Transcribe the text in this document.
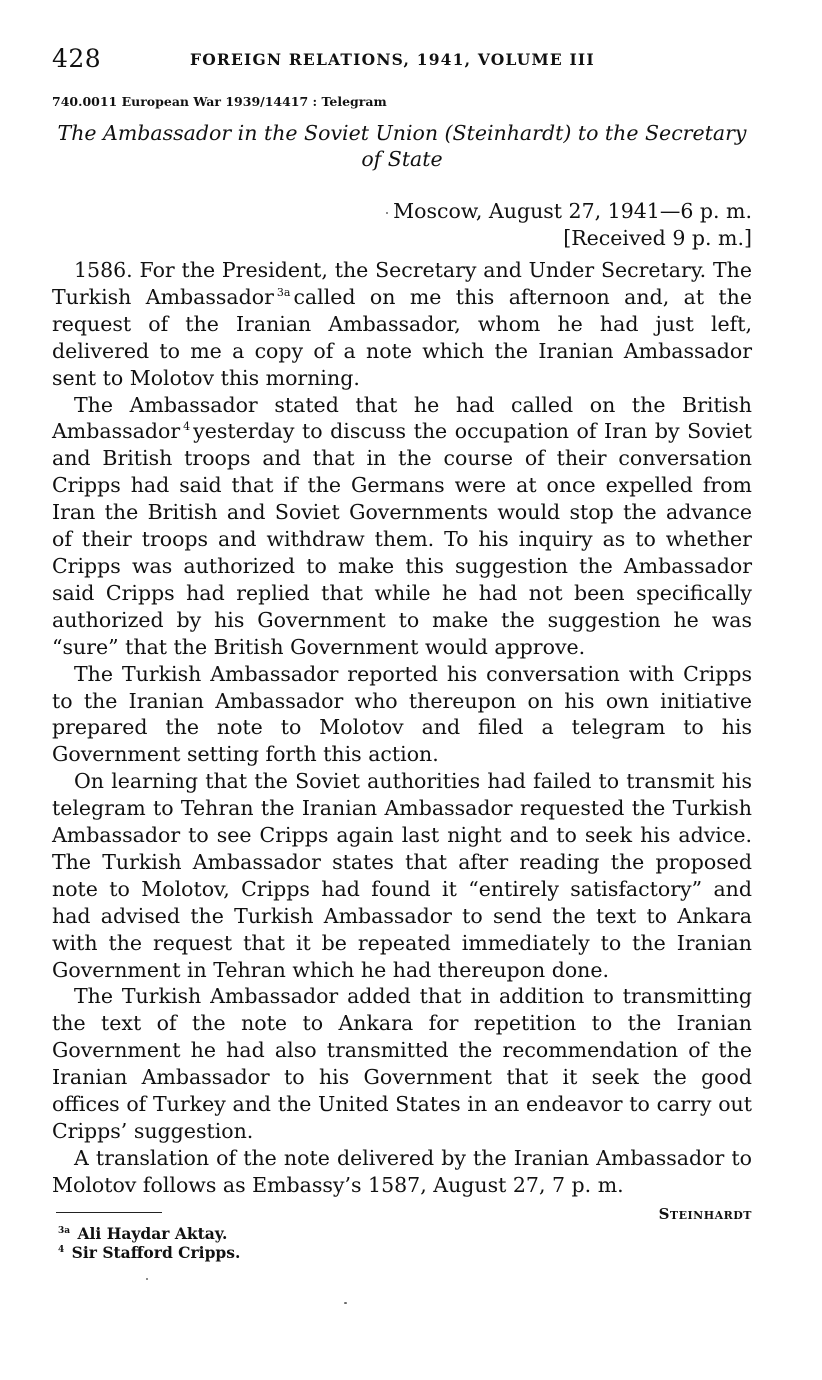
428	FOREIGN RELATIONS, 1941, VOLUME III
740.0011 European War 1939/14417 : Telegram
The Ambassador in the Soviet Union (Steinhardt) to the Secretary
of State
Moscow, August 27, 1941—6 p. m.
[Received 9 p. m.]

1586. For the President, the Secretary and Under Secretary. The Turkish Ambassador $^{3a}$ called on me this afternoon and, at the request of the Iranian Ambassador, whom he had just left, delivered to me a copy of a note which the Iranian Ambassador sent to Molotov this morning.

The Ambassador stated that he had called on the British Ambassador $^4$ yesterday to discuss the occupation of Iran by Soviet and British troops and that in the course of their conversation Cripps had said that if the Germans were at once expelled from Iran the British and Soviet Governments would stop the advance of their troops and withdraw them. To his inquiry as to whether Cripps was authorized to make this suggestion the Ambassador said Cripps had replied that while he had not been specifically authorized by his Government to make the suggestion he was “sure” that the British Government would approve.

The Turkish Ambassador reported his conversation with Cripps to the Iranian Ambassador who thereupon on his own initiative prepared the note to Molotov and filed a telegram to his Government setting forth this action.

On learning that the Soviet authorities had failed to transmit his telegram to Tehran the Iranian Ambassador requested the Turkish Ambassador to see Cripps again last night and to seek his advice. The Turkish Ambassador states that after reading the proposed note to Molotov, Cripps had found it “entirely satisfactory” and had advised the Turkish Ambassador to send the text to Ankara with the request that it be repeated immediately to the Iranian Government in Tehran which he had thereupon done.

The Turkish Ambassador added that in addition to transmitting the text of the note to Ankara for repetition to the Iranian Government he had also transmitted the recommendation of the Iranian Ambassador to his Government that it seek the good offices of Turkey and the United States in an endeavor to carry out Cripps’ suggestion.

A translation of the note delivered by the Iranian Ambassador to Molotov follows as Embassy’s 1587, August 27, 7 p. m.

Steinhardt
$^{3a}$ Ali Haydar Aktay.
$^4$ Sir Stafford Cripps.
